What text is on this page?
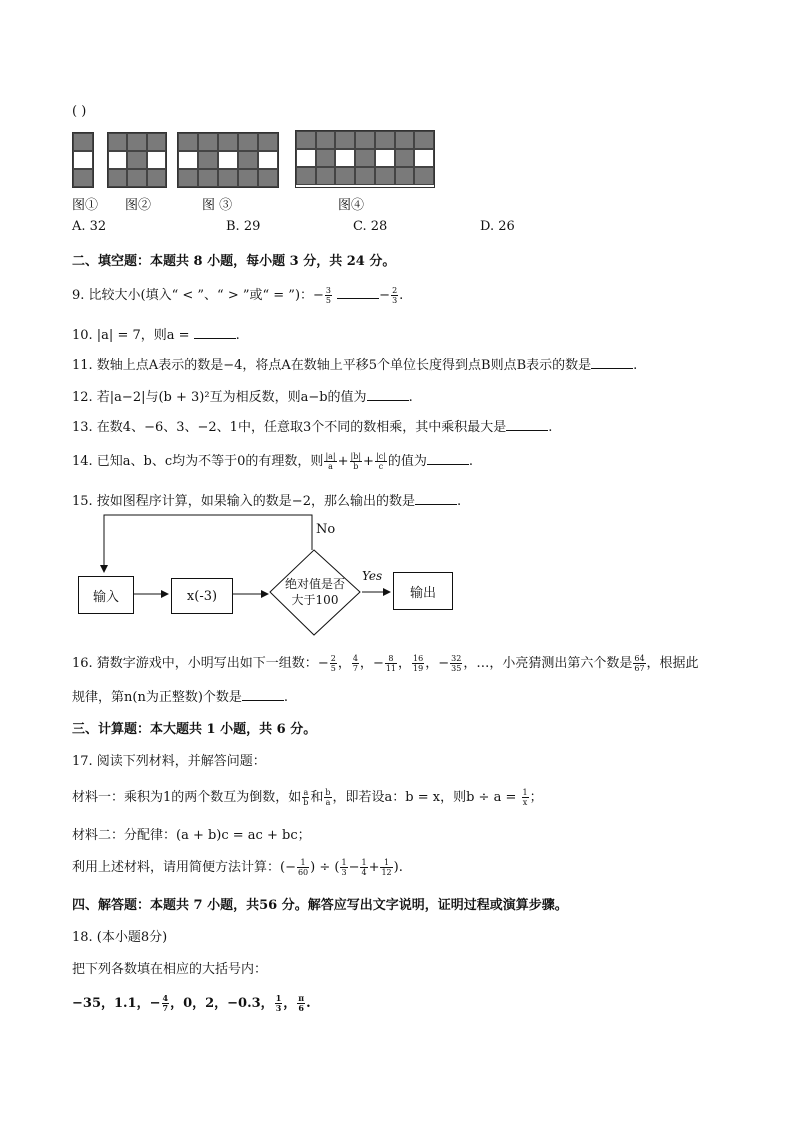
( )
图① 图②	图 ③	图④
A. 32	B. 29	C. 28	D. 26
二、填空题：本题共 8 小题，每小题 3 分，共 24 分。
9. 比较大小(填入“ < ”、“ > ”或“ = ”)：− $\frac{3}{5}$	− $\frac{2}{3}$ .
10. |a| = 7，则a =	.
11. 数轴上点A表示的数是−4，将点A在数轴上平移5个单位长度得到点B则点B表示的数是	.
12. 若|a−2|与(b + 3)²互为相反数，则a−b的值为	.
13. 在数4、−6、3、−2、1中，任意取3个不同的数相乘，其中乘积最大是	.
14. 已知a、b、c均为不等于0的有理数，则 $\frac{|a|}{a} + \frac{|b|}{b} + \frac{|c|}{c}$ 的值为	.
15. 按如图程序计算，如果输入的数是−2，那么输出的数是	.
输入	x(-3)
绝对值是否大于100	输出
No
Yes
16. 猜数字游戏中，小明写出如下一组数：− $\frac{2}{5}$ ， $\frac{4}{7}$ ，− $\frac{8}{11}$ ， $\frac{16}{19}$ ，− $\frac{32}{35}$ ，…，小亮猜测出第六个数是 $\frac{64}{67}$ ，根据此
规律，第n(n为正整数)个数是	.
三、计算题：本大题共 1 小题，共 6 分。
17. 阅读下列材料，并解答问题：
材料一：乘积为1的两个数互为倒数，如 $\frac{a}{b}$ 和 $\frac{b}{a}$ ，即若设a：b = x，则$b \div a = \frac{1}{x}$ ；
材料二：分配律：(a + b)c = ac + bc；
利用上述材料，请用简便方法计算：(− $\frac{1}{60}$ ) ÷ ( $\frac{1}{3} - \frac{1}{4} + \frac{1}{12}$ ).
四、解答题：本题共 7 小题，共56 分。解答应写出文字说明，证明过程或演算步骤。
18. (本小题8分)
把下列各数填在相应的大括号内：
−35，1.1，− $\frac{4}{7}$ ，0，2，−0.3， $\frac{1}{3}$ ， $\frac{\pi}{6}$ .
